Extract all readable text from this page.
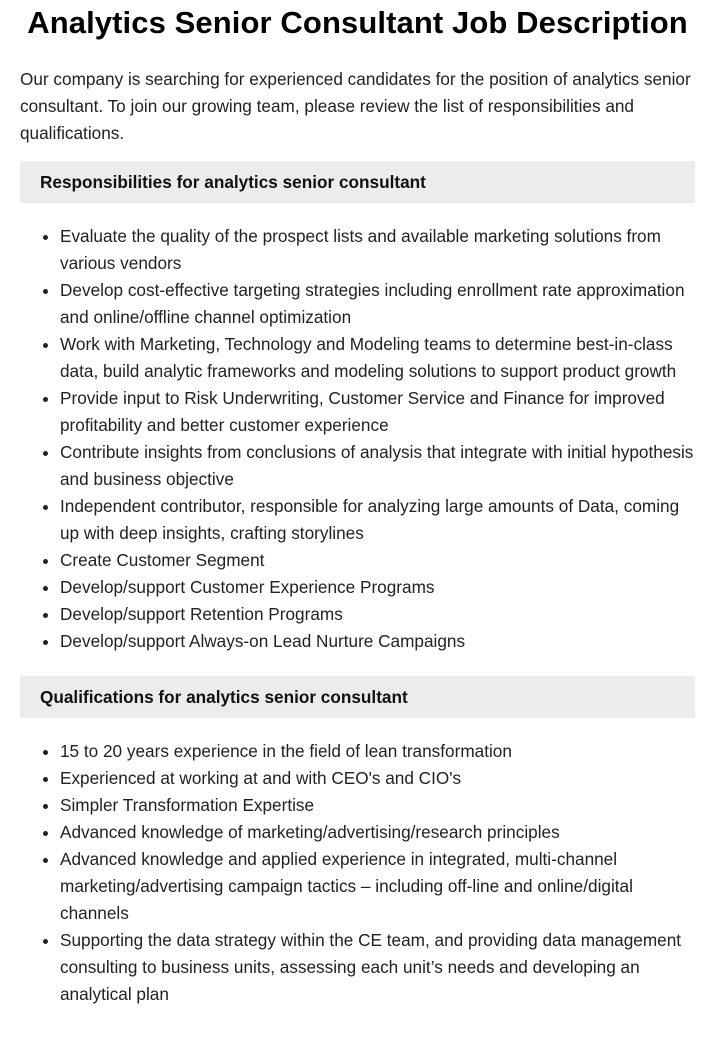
Analytics Senior Consultant Job Description

Our company is searching for experienced candidates for the position of analytics senior consultant. To join our growing team, please review the list of responsibilities and qualifications.

Responsibilities for analytics senior consultant
• Evaluate the quality of the prospect lists and available marketing solutions from various vendors
• Develop cost-effective targeting strategies including enrollment rate approximation and online/offline channel optimization
• Work with Marketing, Technology and Modeling teams to determine best-in-class data, build analytic frameworks and modeling solutions to support product growth
• Provide input to Risk Underwriting, Customer Service and Finance for improved profitability and better customer experience
• Contribute insights from conclusions of analysis that integrate with initial hypothesis and business objective
• Independent contributor, responsible for analyzing large amounts of Data, coming up with deep insights, crafting storylines
• Create Customer Segment
• Develop/support Customer Experience Programs
• Develop/support Retention Programs
• Develop/support Always-on Lead Nurture Campaigns
Qualifications for analytics senior consultant
• 15 to 20 years experience in the field of lean transformation
• Experienced at working at and with CEO's and CIO's
• Simpler Transformation Expertise
• Advanced knowledge of marketing/advertising/research principles
• Advanced knowledge and applied experience in integrated, multi-channel marketing/advertising campaign tactics – including off-line and online/digital channels
• Supporting the data strategy within the CE team, and providing data management consulting to business units, assessing each unit’s needs and developing an analytical plan
